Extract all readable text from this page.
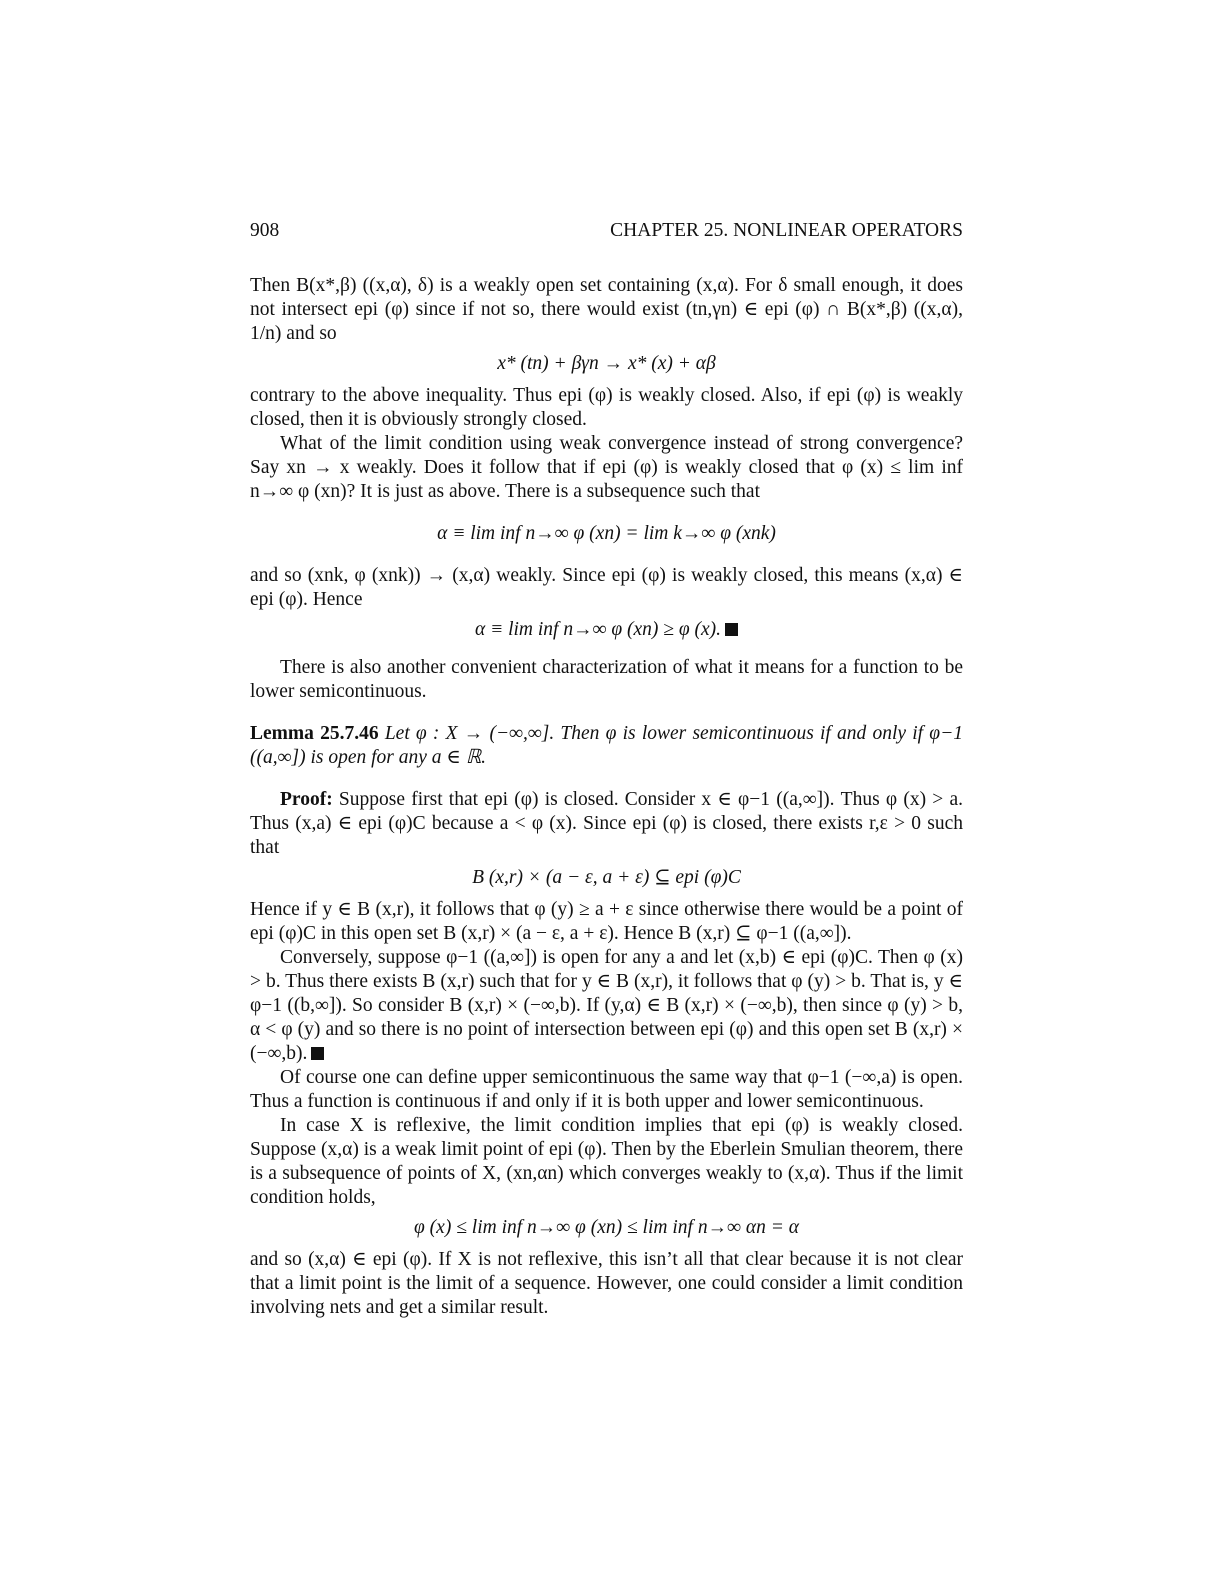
908	CHAPTER 25. NONLINEAR OPERATORS

Then B(x*,β) ((x,α), δ) is a weakly open set containing (x,α). For δ small enough, it does not intersect epi (φ) since if not so, there would exist (tn,γn) ∈ epi (φ) ∩ B(x*,β) ((x,α), 1/n) and so

x* (tn) + βγn → x* (x) + αβ

contrary to the above inequality. Thus epi (φ) is weakly closed. Also, if epi (φ) is weakly closed, then it is obviously strongly closed.

What of the limit condition using weak convergence instead of strong convergence? Say xn → x weakly. Does it follow that if epi (φ) is weakly closed that φ (x) ≤ lim inf n→∞ φ (xn)? It is just as above. There is a subsequence such that

α ≡ lim inf n→∞ φ (xn) = lim k→∞ φ (xnk)

and so (xnk, φ (xnk)) → (x,α) weakly. Since epi (φ) is weakly closed, this means (x,α) ∈ epi (φ). Hence

α ≡ lim inf n→∞ φ (xn) ≥ φ (x).

There is also another convenient characterization of what it means for a function to be lower semicontinuous.

Lemma 25.7.46 Let φ : X → (−∞,∞]. Then φ is lower semicontinuous if and only if φ−1 ((a,∞]) is open for any a ∈ ℝ.

Proof: Suppose first that epi (φ) is closed. Consider x ∈ φ−1 ((a,∞]). Thus φ (x) > a. Thus (x,a) ∈ epi (φ)C because a < φ (x). Since epi (φ) is closed, there exists r,ε > 0 such that

B (x,r) × (a − ε, a + ε) ⊆ epi (φ)C

Hence if y ∈ B (x,r), it follows that φ (y) ≥ a + ε since otherwise there would be a point of epi (φ)C in this open set B (x,r) × (a − ε, a + ε). Hence B (x,r) ⊆ φ−1 ((a,∞]).

Conversely, suppose φ−1 ((a,∞]) is open for any a and let (x,b) ∈ epi (φ)C. Then φ (x) > b. Thus there exists B (x,r) such that for y ∈ B (x,r), it follows that φ (y) > b. That is, y ∈ φ−1 ((b,∞]). So consider B (x,r) × (−∞,b). If (y,α) ∈ B (x,r) × (−∞,b), then since φ (y) > b, α < φ (y) and so there is no point of intersection between epi (φ) and this open set B (x,r) × (−∞,b).

Of course one can define upper semicontinuous the same way that φ−1 (−∞,a) is open. Thus a function is continuous if and only if it is both upper and lower semicontinuous.

In case X is reflexive, the limit condition implies that epi (φ) is weakly closed. Suppose (x,α) is a weak limit point of epi (φ). Then by the Eberlein Smulian theorem, there is a subsequence of points of X, (xn,αn) which converges weakly to (x,α). Thus if the limit condition holds,

φ (x) ≤ lim inf n→∞ φ (xn) ≤ lim inf n→∞ αn = α

and so (x,α) ∈ epi (φ). If X is not reflexive, this isn’t all that clear because it is not clear that a limit point is the limit of a sequence. However, one could consider a limit condition involving nets and get a similar result.
